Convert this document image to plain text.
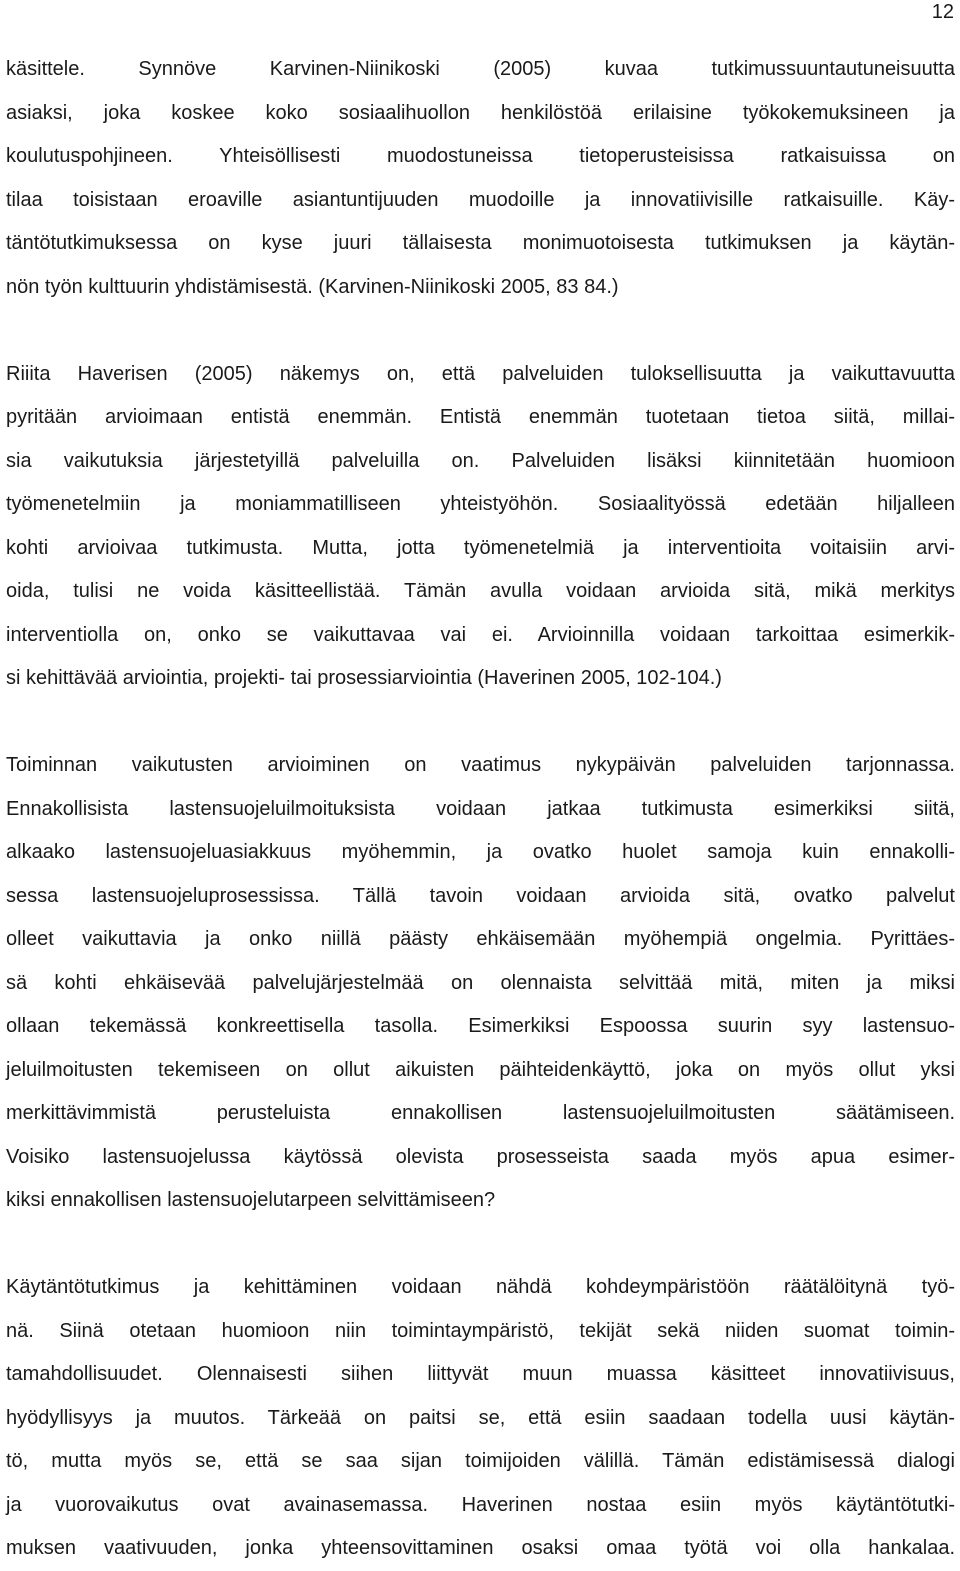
12

käsittele. Synnöve Karvinen-Niinikoski (2005) kuvaa tutkimussuuntautuneisuutta
asiaksi, joka koskee koko sosiaalihuollon henkilöstöä erilaisine työkokemuksineen ja
koulutuspohjineen. Yhteisöllisesti muodostuneissa tietoperusteisissa ratkaisuissa on
tilaa toisistaan eroaville asiantuntijuuden muodoille ja innovatiivisille ratkaisuille. Käy-
täntötutkimuksessa on kyse juuri tällaisesta monimuotoisesta tutkimuksen ja käytän-
nön työn kulttuurin yhdistämisestä. (Karvinen-Niinikoski 2005, 83 84.)

Riiita Haverisen (2005) näkemys on, että palveluiden tuloksellisuutta ja vaikuttavuutta
pyritään arvioimaan entistä enemmän. Entistä enemmän tuotetaan tietoa siitä, millai-
sia vaikutuksia järjestetyillä palveluilla on. Palveluiden lisäksi kiinnitetään huomioon
työmenetelmiin ja moniammatilliseen yhteistyöhön. Sosiaalityössä edetään hiljalleen
kohti arvioivaa tutkimusta. Mutta, jotta työmenetelmiä ja interventioita voitaisiin arvi-
oida, tulisi ne voida käsitteellistää. Tämän avulla voidaan arvioida sitä, mikä merkitys
interventiolla on, onko se vaikuttavaa vai ei. Arvioinnilla voidaan tarkoittaa esimerkik-
si kehittävää arviointia, projekti- tai prosessiarviointia (Haverinen 2005, 102-104.)

Toiminnan vaikutusten arvioiminen on vaatimus nykypäivän palveluiden tarjonnassa.
Ennakollisista lastensuojeluilmoituksista voidaan jatkaa tutkimusta esimerkiksi siitä,
alkaako lastensuojeluasiakkuus myöhemmin, ja ovatko huolet samoja kuin ennakolli-
sessa lastensuojeluprosessissa. Tällä tavoin voidaan arvioida sitä, ovatko palvelut
olleet vaikuttavia ja onko niillä päästy ehkäisemään myöhempiä ongelmia. Pyrittäes-
sä kohti ehkäisevää palvelujärjestelmää on olennaista selvittää mitä, miten ja miksi
ollaan tekemässä konkreettisella tasolla. Esimerkiksi Espoossa suurin syy lastensuo-
jeluilmoitusten tekemiseen on ollut aikuisten päihteidenkäyttö, joka on myös ollut yksi
merkittävimmistä perusteluista ennakollisen lastensuojeluilmoitusten säätämiseen.
Voisiko lastensuojelussa käytössä olevista prosesseista saada myös apua esimer-
kiksi ennakollisen lastensuojelutarpeen selvittämiseen?

Käytäntötutkimus ja kehittäminen voidaan nähdä kohdeympäristöön räätälöitynä työ-
nä. Siinä otetaan huomioon niin toimintaympäristö, tekijät sekä niiden suomat toimin-
tamahdollisuudet. Olennaisesti siihen liittyvät muun muassa käsitteet innovatiivisuus,
hyödyllisyys ja muutos. Tärkeää on paitsi se, että esiin saadaan todella uusi käytän-
tö, mutta myös se, että se saa sijan toimijoiden välillä. Tämän edistämisessä dialogi
ja vuorovaikutus ovat avainasemassa. Haverinen nostaa esiin myös käytäntötutki-
muksen vaativuuden, jonka yhteensovittaminen osaksi omaa työtä voi olla hankalaa.
